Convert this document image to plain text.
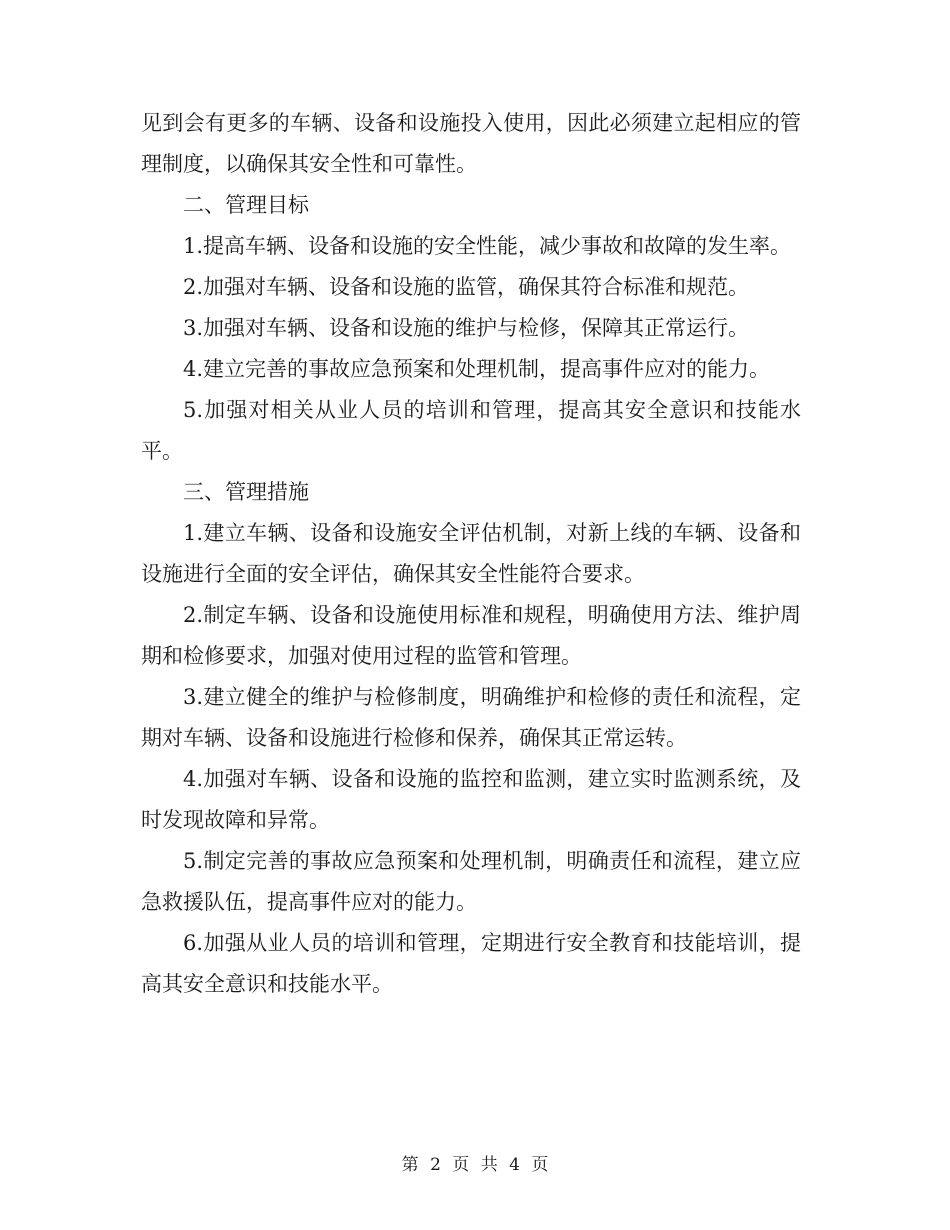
见到会有更多的车辆、设备和设施投入使用，因此必须建立起相应的管理制度，以确保其安全性和可靠性。

二、管理目标

1.提高车辆、设备和设施的安全性能，减少事故和故障的发生率。

2.加强对车辆、设备和设施的监管，确保其符合标准和规范。

3.加强对车辆、设备和设施的维护与检修，保障其正常运行。

4.建立完善的事故应急预案和处理机制，提高事件应对的能力。

5.加强对相关从业人员的培训和管理，提高其安全意识和技能水平。

三、管理措施

1.建立车辆、设备和设施安全评估机制，对新上线的车辆、设备和设施进行全面的安全评估，确保其安全性能符合要求。

2.制定车辆、设备和设施使用标准和规程，明确使用方法、维护周期和检修要求，加强对使用过程的监管和管理。

3.建立健全的维护与检修制度，明确维护和检修的责任和流程，定期对车辆、设备和设施进行检修和保养，确保其正常运转。

4.加强对车辆、设备和设施的监控和监测，建立实时监测系统，及时发现故障和异常。

5.制定完善的事故应急预案和处理机制，明确责任和流程，建立应急救援队伍，提高事件应对的能力。

6.加强从业人员的培训和管理，定期进行安全教育和技能培训，提高其安全意识和技能水平。

第 2 页 共 4 页
